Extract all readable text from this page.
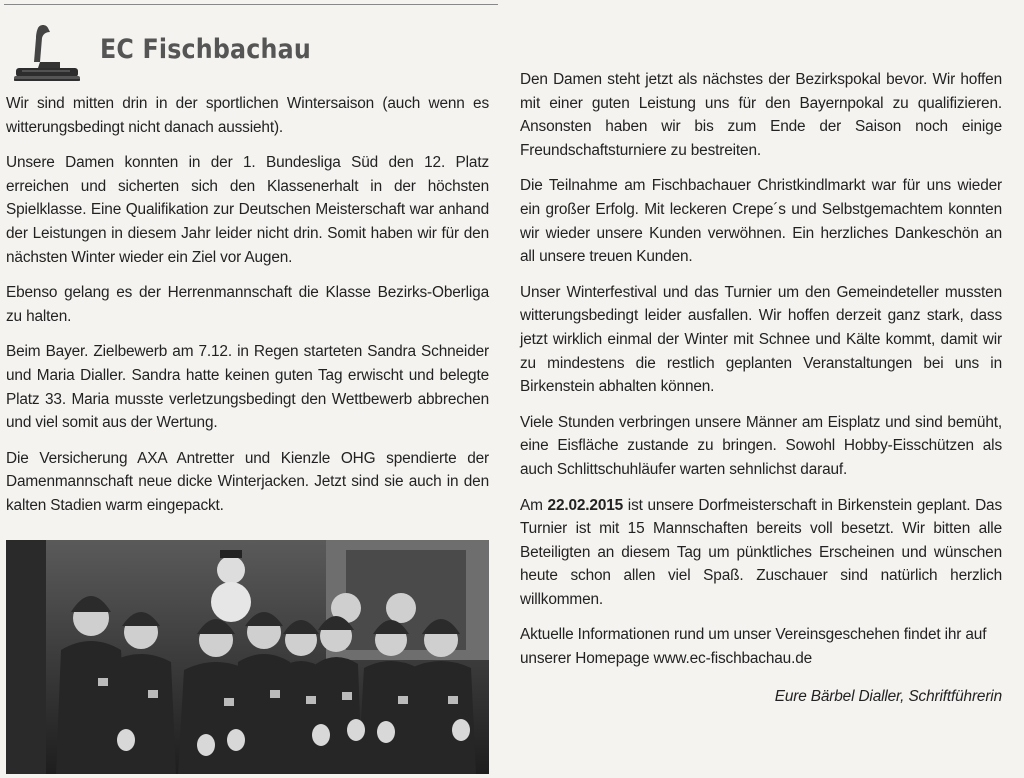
EC Fischbachau

Wir sind mitten drin in der sportlichen Wintersaison (auch wenn es witterungsbedingt nicht danach aussieht).

Unsere Damen konnten in der 1. Bundesliga Süd den 12. Platz erreichen und sicherten sich den Klassenerhalt in der höchsten Spielklasse. Eine Qualifikation zur Deutschen Meisterschaft war anhand der Leistungen in diesem Jahr leider nicht drin. Somit haben wir für den nächsten Winter wieder ein Ziel vor Augen.

Ebenso gelang es der Herrenmannschaft die Klasse Bezirks-Oberliga zu halten.

Beim Bayer. Zielbewerb am 7.12. in Regen starteten Sandra Schneider und Maria Dialler. Sandra hatte keinen guten Tag erwischt und belegte Platz 33. Maria musste verletzungsbedingt den Wettbewerb abbrechen und viel somit aus der Wertung.

Die Versicherung AXA Antretter und Kienzle OHG spendierte der Damenmannschaft neue dicke Winterjacken. Jetzt sind sie auch in den kalten Stadien warm eingepackt.

Den Damen steht jetzt als nächstes der Bezirkspokal bevor. Wir hoffen mit einer guten Leistung uns für den Bayernpokal zu qualifizieren. Ansonsten haben wir bis zum Ende der Saison noch einige Freundschaftsturniere zu bestreiten.

Die Teilnahme am Fischbachauer Christkindlmarkt war für uns wieder ein großer Erfolg. Mit leckeren Crepe´s und Selbstgemachtem konnten wir wieder unsere Kunden verwöhnen. Ein herzliches Dankeschön an all unsere treuen Kunden.

Unser Winterfestival und das Turnier um den Gemeindeteller mussten witterungsbedingt leider ausfallen. Wir hoffen derzeit ganz stark, dass jetzt wirklich einmal der Winter mit Schnee und Kälte kommt, damit wir zu mindestens die restlich geplanten Veranstaltungen bei uns in Birkenstein abhalten können.

Viele Stunden verbringen unsere Männer am Eisplatz und sind bemüht, eine Eisfläche zustande zu bringen. Sowohl Hobby-Eisschützen als auch Schlittschuhläufer warten sehnlichst darauf.

Am 22.02.2015 ist unsere Dorfmeisterschaft in Birkenstein geplant. Das Turnier ist mit 15 Mannschaften bereits voll besetzt. Wir bitten alle Beteiligten an diesem Tag um pünktliches Erscheinen und wünschen heute schon allen viel Spaß. Zuschauer sind natürlich herzlich willkommen.

Aktuelle Informationen rund um unser Vereinsgeschehen findet ihr auf unserer Homepage www.ec-fischbachau.de

Eure Bärbel Dialler, Schriftführerin
